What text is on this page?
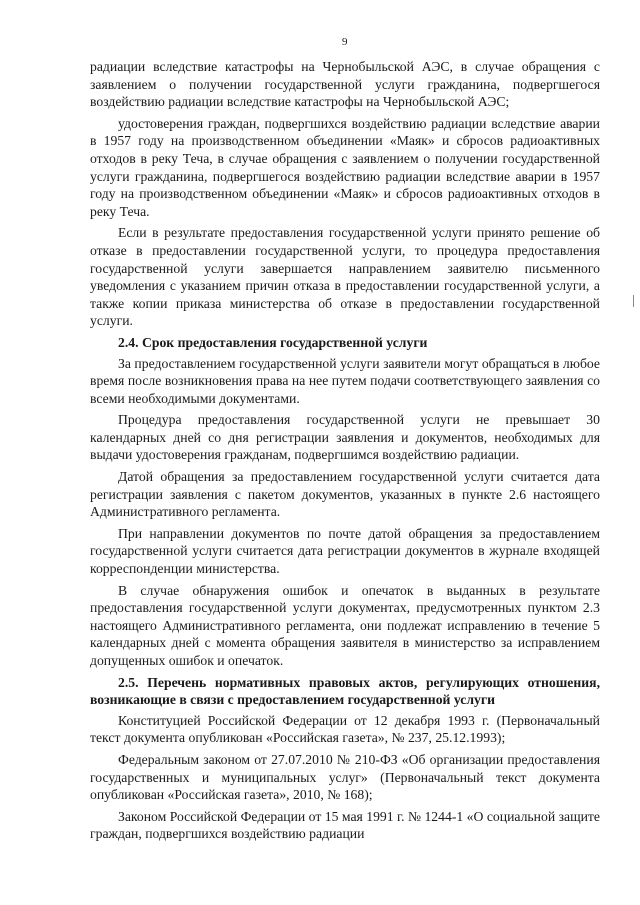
9

радиации вследствие катастрофы на Чернобыльской АЭС, в случае обращения с заявлением о получении государственной услуги гражданина, подвергшегося воздействию радиации вследствие катастрофы на Чернобыльской АЭС;

удостоверения граждан, подвергшихся воздействию радиации вследствие аварии в 1957 году на производственном объединении «Маяк» и сбросов радиоактивных отходов в реку Теча, в случае обращения с заявлением о получении государственной услуги гражданина, подвергшегося воздействию радиации вследствие аварии в 1957 году на производственном объединении «Маяк» и сбросов радиоактивных отходов в реку Теча.

Если в результате предоставления государственной услуги принято решение об отказе в предоставлении государственной услуги, то процедура предоставления государственной услуги завершается направлением заявителю письменного уведомления с указанием причин отказа в предоставлении государственной услуги, а также копии приказа министерства об отказе в предоставлении государственной услуги.

2.4. Срок предоставления государственной услуги

За предоставлением государственной услуги заявители могут обращаться в любое время после возникновения права на нее путем подачи соответствующего заявления со всеми необходимыми документами.

Процедура предоставления государственной услуги не превышает 30 календарных дней со дня регистрации заявления и документов, необходимых для выдачи удостоверения гражданам, подвергшимся воздействию радиации.

Датой обращения за предоставлением государственной услуги считается дата регистрации заявления с пакетом документов, указанных в пункте 2.6 настоящего Административного регламента.

При направлении документов по почте датой обращения за предоставлением государственной услуги считается дата регистрации документов в журнале входящей корреспонденции министерства.

В случае обнаружения ошибок и опечаток в выданных в результате предоставления государственной услуги документах, предусмотренных пунктом 2.3 настоящего Административного регламента, они подлежат исправлению в течение 5 календарных дней с момента обращения заявителя в министерство за исправлением допущенных ошибок и опечаток.

2.5. Перечень нормативных правовых актов, регулирующих отношения, возникающие в связи с предоставлением государственной услуги

Конституцией Российской Федерации от 12 декабря 1993 г. (Первоначальный текст документа опубликован «Российская газета», № 237, 25.12.1993);

Федеральным законом от 27.07.2010 № 210-ФЗ «Об организации предоставления государственных и муниципальных услуг» (Первоначальный текст документа опубликован «Российская газета», 2010, № 168);

Законом Российской Федерации от 15 мая 1991 г. № 1244-1 «О социальной защите граждан, подвергшихся воздействию радиации
